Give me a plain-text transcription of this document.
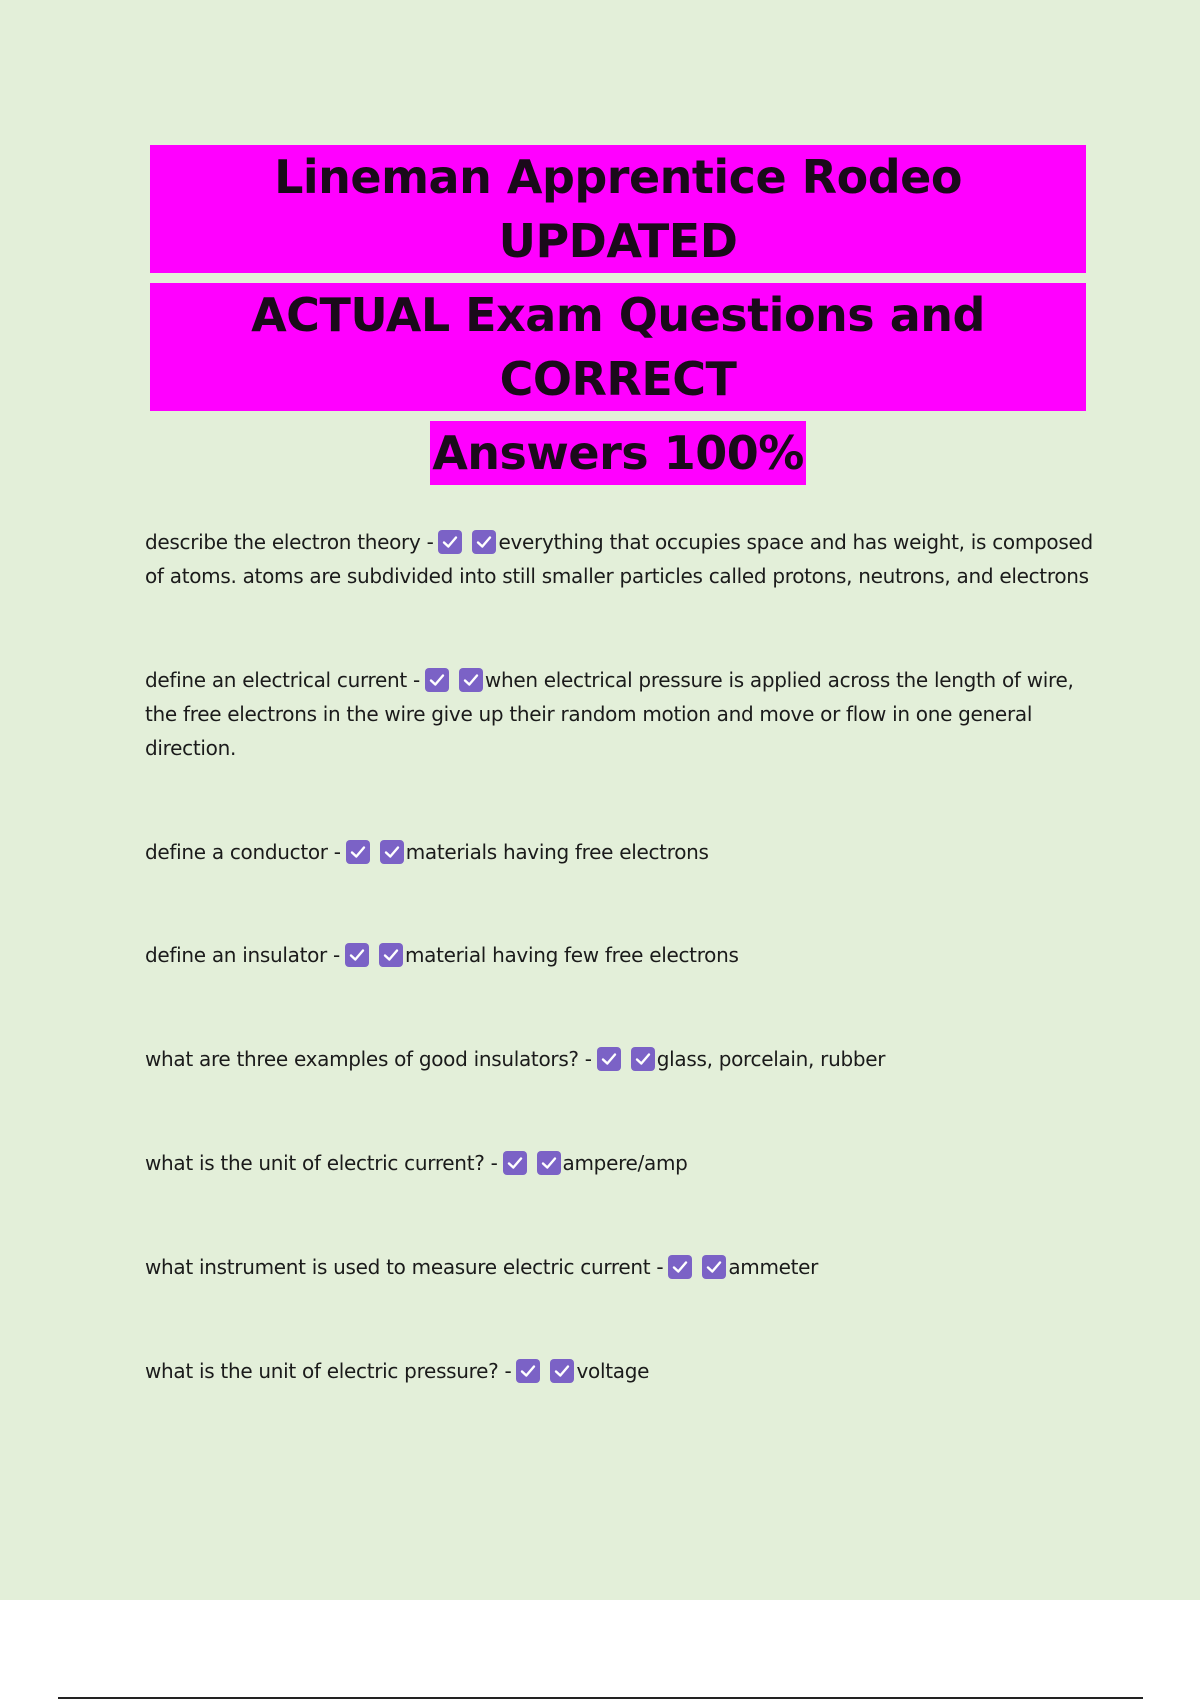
Lineman Apprentice Rodeo UPDATED
ACTUAL Exam Questions and CORRECT
Answers 100%
describe the electron theory -	everything that occupies space and has weight, is composed of atoms. atoms are subdivided into still smaller particles called protons, neutrons, and electrons
define an electrical current -	when electrical pressure is applied across the length of wire, the free electrons in the wire give up their random motion and move or flow in one general direction.
define a conductor -	materials having free electrons
define an insulator -	material having few free electrons
what are three examples of good insulators? -	glass, porcelain, rubber
what is the unit of electric current? -	ampere/amp
what instrument is used to measure electric current -	ammeter
what is the unit of electric pressure? -	voltage
